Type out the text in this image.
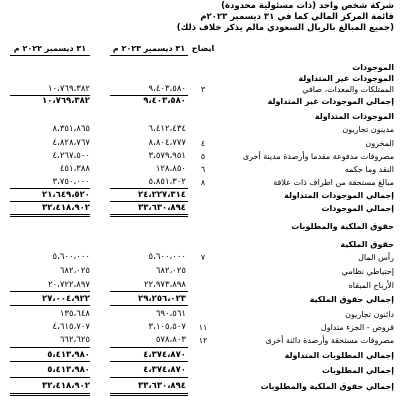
شركة شخص واحد (ذات مسئولية محدودة)
قائمة المركز المالي كما في ٣١ ديسمبر ٢٠٢٣م
(جميع المبالغ بالريال السعودي مالم يذكر خلاف ذلك)
ايضاح
٣١ ديسمبر ٢٠٢٣ م
٣١ ديسمبر ٢٠٢٢ م
الموجودات
الموجودات غير المتداولة
الممتلكات والمعدات، صافي
٣
٩،٤٠٣،٥٨٠
١٠،٧٦٩،٣٨٢
إجمالي الموجودات غير المتداولة
٩،٤٠٣،٥٨٠
١٠،٧٦٩،٣٨٢
الموجودات المتداولة
مدينون تجاريون
٦،٤١٢،٤٣٤
٨،٣٥١،٨٦٥
المخزون
٤
٨،٨٠٤،٧٧٧
٤،٨٢٨،٧٦٧
مصروفات مدفوعة مقدما وأرصدة مدينة أخرى
٥
٣،٥٧٩،٩٥١
٤،٢٦٧،٥٠٠
النقد وما حكمه
٦
١٢٨،٨٥٠
٤٥١،٣٨٨
مبالغ مستحقة من اطراف ذات علاقة
٨
٥،٨٥١،٣٠٢
٣،٧٥٠،٠٠٠
إجمالي الموجودات المتداولة
٢٤،٢٢٧،٣١٤
٢١،٦٤٩،٥٢٠
إجمالي الموجودات
٣٣،٦٣٠،٨٩٤
٣٢،٤١٨،٩٠٢
حقوق الملكية والمطلوبات
حقوق الملكية
رأس المال
٧
٥،٦٠٠،٠٠٠
٥،٦٠٠،٠٠٠
إحتياطي نظامي
٦٨٢،٠٢٥
٦٨٢،٠٢٥
الأرباح المبقاه
٢٢،٩٧٣،٨٩٨
٢٠،٧٢٢،٨٩٧
إجمالي حقوق الملكية
٢٩،٢٥٦،٠٢٣
٢٧،٠٠٤،٩٢٢
دائنون تجاريون
٦٩٠،٥٦١
١٣٥،٦٤٨
قروض - الجزء متداول
١١
٣،١٠٥،٥٠٧
٤،٦١٥،٧٠٧
مصروفات مستحقة وأرصدة دائنة أخرى
١٢
٥٧٨،٨٠٣
٦٦٢،٦٢٥
إجمالي المطلوبات المتداولة
٤،٣٧٤،٨٧٠
٥،٤١٣،٩٨٠
إجمالي المطلوبات
٤،٣٧٤،٨٧٠
٥،٤١٣،٩٨٠
إجمالي حقوق الملكية والمطلوبات
٣٣،٦٣٠،٨٩٤
٣٢،٤١٨،٩٠٢
